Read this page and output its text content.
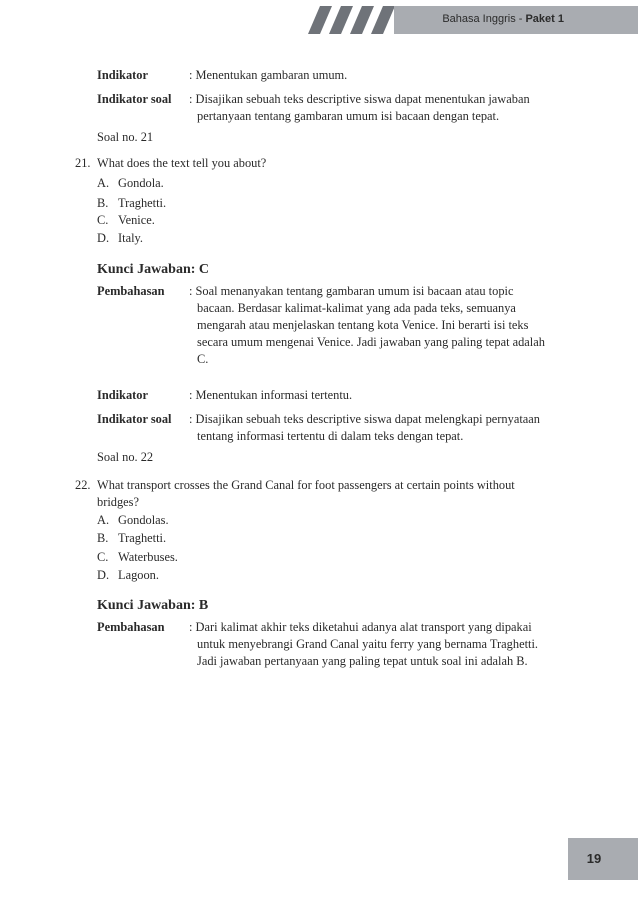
Bahasa Inggris - Paket 1
Indikator	: Menentukan gambaran umum.
Indikator soal : Disajikan sebuah teks descriptive siswa dapat menentukan jawaban
pertanyaan tentang gambaran umum isi bacaan dengan tepat.
Soal no. 21
21. What does the text tell you about?
A. Gondola.
B. Traghetti.
C. Venice.
D. Italy.
Kunci Jawaban: C
Pembahasan : Soal menanyakan tentang gambaran umum isi bacaan atau topic
bacaan. Berdasar kalimat-kalimat yang ada pada teks, semuanya
mengarah atau menjelaskan tentang kota Venice. Ini berarti isi teks
secara umum mengenai Venice. Jadi jawaban yang paling tepat adalah
C.
Indikator	: Menentukan informasi tertentu.
Indikator soal : Disajikan sebuah teks descriptive siswa dapat melengkapi pernyataan
tentang informasi tertentu di dalam teks dengan tepat.
Soal no. 22
22. What transport crosses the Grand Canal for foot passengers at certain points without
bridges?
A. Gondolas.
B. Traghetti.
C. Waterbuses.
D. Lagoon.
Kunci Jawaban: B
Pembahasan : Dari kalimat akhir teks diketahui adanya alat transport yang dipakai
untuk menyebrangi Grand Canal yaitu ferry yang bernama Traghetti.
Jadi jawaban pertanyaan yang paling tepat untuk soal ini adalah B.
19
